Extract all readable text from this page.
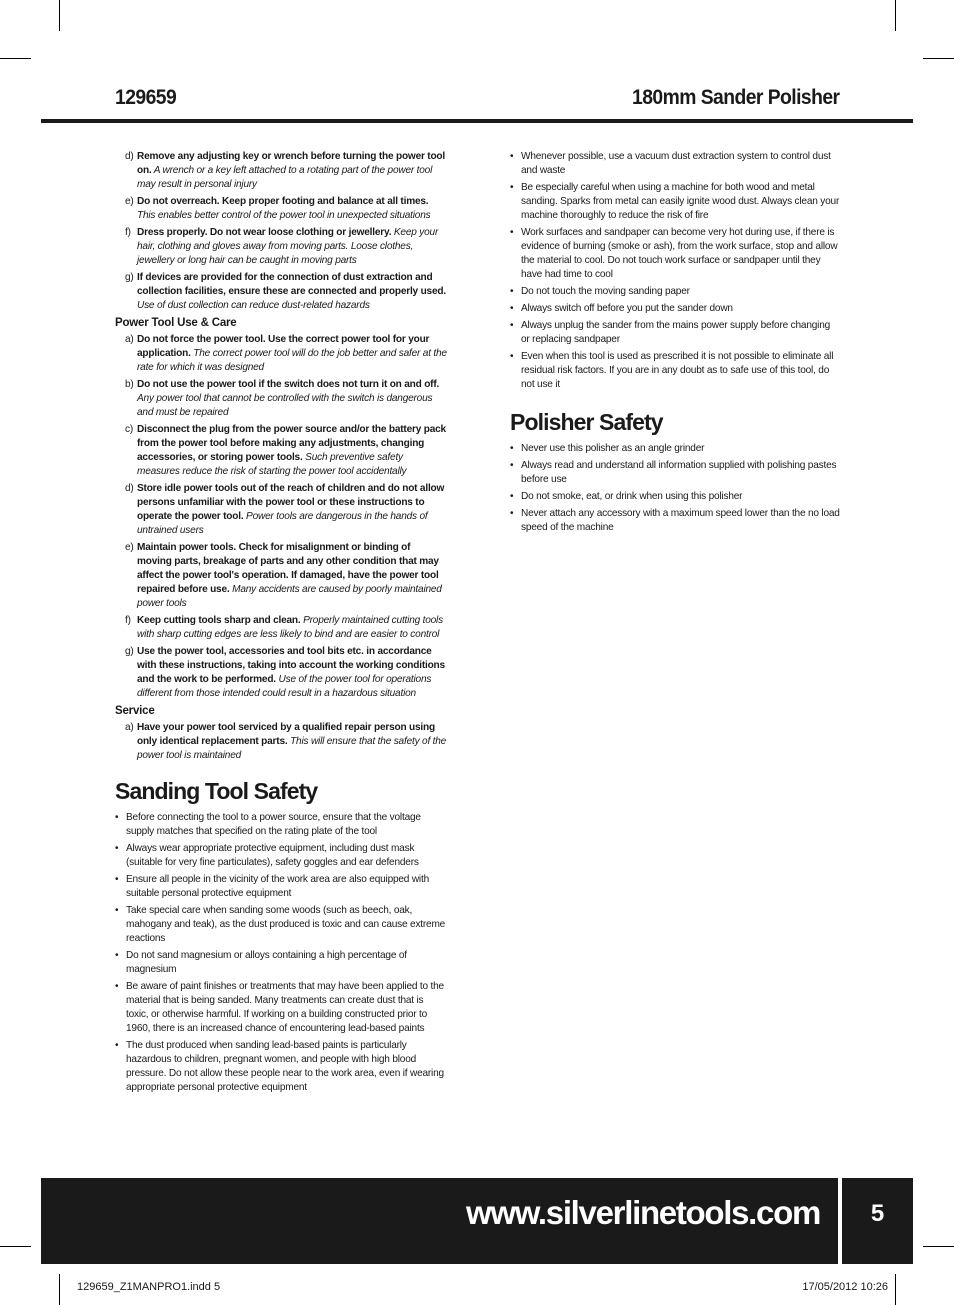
129659	180mm Sander Polisher
d) Remove any adjusting key or wrench before turning the power tool on. A wrench or a key left attached to a rotating part of the power tool may result in personal injury
e) Do not overreach. Keep proper footing and balance at all times. This enables better control of the power tool in unexpected situations
f) Dress properly. Do not wear loose clothing or jewellery. Keep your hair, clothing and gloves away from moving parts. Loose clothes, jewellery or long hair can be caught in moving parts
g) If devices are provided for the connection of dust extraction and collection facilities, ensure these are connected and properly used. Use of dust collection can reduce dust-related hazards
Power Tool Use & Care
a) Do not force the power tool. Use the correct power tool for your application. The correct power tool will do the job better and safer at the rate for which it was designed
b) Do not use the power tool if the switch does not turn it on and off. Any power tool that cannot be controlled with the switch is dangerous and must be repaired
c) Disconnect the plug from the power source and/or the battery pack from the power tool before making any adjustments, changing accessories, or storing power tools. Such preventive safety measures reduce the risk of starting the power tool accidentally
d) Store idle power tools out of the reach of children and do not allow persons unfamiliar with the power tool or these instructions to operate the power tool. Power tools are dangerous in the hands of untrained users
e) Maintain power tools. Check for misalignment or binding of moving parts, breakage of parts and any other condition that may affect the power tool's operation. If damaged, have the power tool repaired before use. Many accidents are caused by poorly maintained power tools
f) Keep cutting tools sharp and clean. Properly maintained cutting tools with sharp cutting edges are less likely to bind and are easier to control
g) Use the power tool, accessories and tool bits etc. in accordance with these instructions, taking into account the working conditions and the work to be performed. Use of the power tool for operations different from those intended could result in a hazardous situation
Service
a) Have your power tool serviced by a qualified repair person using only identical replacement parts. This will ensure that the safety of the power tool is maintained
Sanding Tool Safety
• Before connecting the tool to a power source, ensure that the voltage supply matches that specified on the rating plate of the tool
• Always wear appropriate protective equipment, including dust mask (suitable for very fine particulates), safety goggles and ear defenders
• Ensure all people in the vicinity of the work area are also equipped with suitable personal protective equipment
• Take special care when sanding some woods (such as beech, oak, mahogany and teak), as the dust produced is toxic and can cause extreme reactions
• Do not sand magnesium or alloys containing a high percentage of magnesium
• Be aware of paint finishes or treatments that may have been applied to the material that is being sanded. Many treatments can create dust that is toxic, or otherwise harmful. If working on a building constructed prior to 1960, there is an increased chance of encountering lead-based paints
• The dust produced when sanding lead-based paints is particularly hazardous to children, pregnant women, and people with high blood pressure. Do not allow these people near to the work area, even if wearing appropriate personal protective equipment
• Whenever possible, use a vacuum dust extraction system to control dust and waste
• Be especially careful when using a machine for both wood and metal sanding. Sparks from metal can easily ignite wood dust. Always clean your machine thoroughly to reduce the risk of fire
• Work surfaces and sandpaper can become very hot during use, if there is evidence of burning (smoke or ash), from the work surface, stop and allow the material to cool. Do not touch work surface or sandpaper until they have had time to cool
• Do not touch the moving sanding paper
• Always switch off before you put the sander down
• Always unplug the sander from the mains power supply before changing or replacing sandpaper
• Even when this tool is used as prescribed it is not possible to eliminate all residual risk factors. If you are in any doubt as to safe use of this tool, do not use it
Polisher Safety
• Never use this polisher as an angle grinder
• Always read and understand all information supplied with polishing pastes before use
• Do not smoke, eat, or drink when using this polisher
• Never attach any accessory with a maximum speed lower than the no load speed of the machine
www.silverlinetools.com	5
129659_Z1MANPRO1.indd 5	17/05/2012 10:26
